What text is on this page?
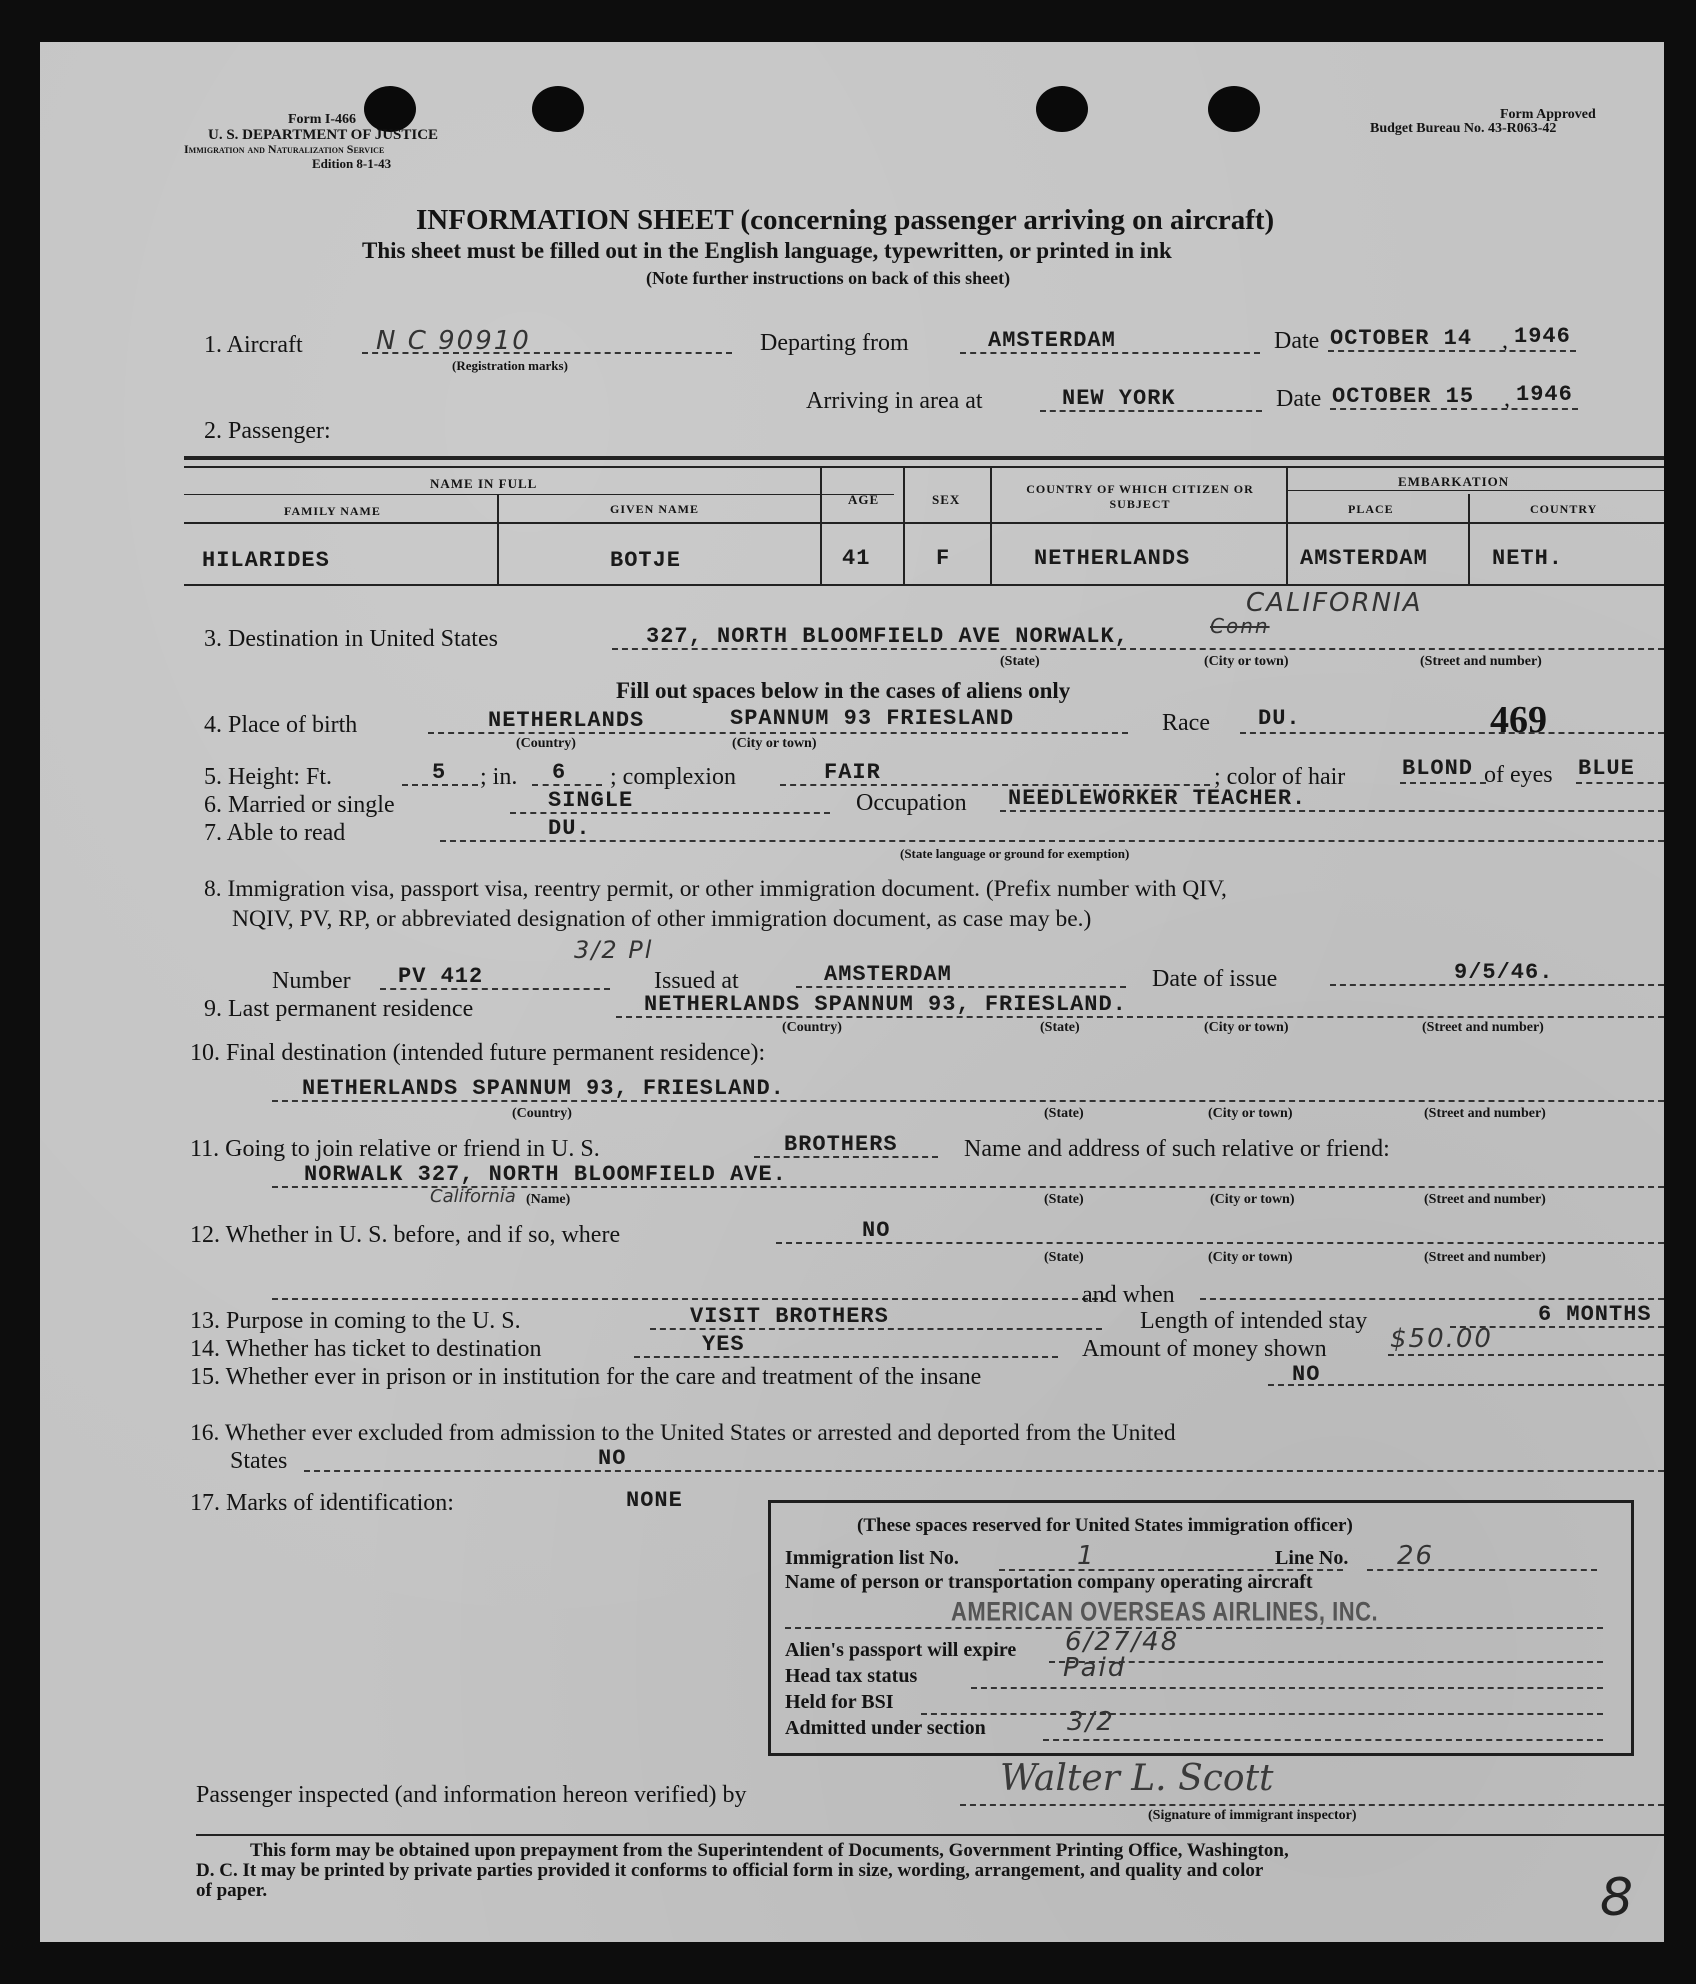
Form I-466
U. S. DEPARTMENT OF JUSTICE
Immigration and Naturalization Service
Edition 8-1-43
Form Approved
Budget Bureau No. 43-R063-42
INFORMATION SHEET (concerning passenger arriving on aircraft)
This sheet must be filled out in the English language, typewritten, or printed in ink
(Note further instructions on back of this sheet)
1. Aircraft	N C 90910
(Registration marks)
Departing from	AMSTERDAM	Date OCTOBER 14 , 1946
Arriving in area at	NEW YORK	Date OCTOBER 15 , 1946
2. Passenger:
NAME IN FULL
FAMILY NAME	GIVEN NAME
AGE	SEX
COUNTRY OF WHICH CITIZEN OR SUBJECT
EMBARKATION
PLACE	COUNTRY
HILARIDES	BOTJE	41	F	NETHERLANDS	AMSTERDAM	NETH.
3. Destination in United States	327, NORTH BLOOMFIELD AVE NORWALK,
CALIFORNIA
Conn
(State)	(City or town)	(Street and number)
Fill out spaces below in the cases of aliens only
4. Place of birth	NETHERLANDS	SPANNUM 93 FRIESLAND
(Country)	(City or town)
Race DU.	469
5. Height: Ft.	5 ; in. 6 ; complexion	FAIR	; color of hair	BLOND of eyes BLUE
6. Married or single	SINGLE	Occupation NEEDLEWORKER TEACHER.
7. Able to read	DU.
(State language or ground for exemption)
8. Immigration visa, passport visa, reentry permit, or other immigration document. (Prefix number with QIV,
NQIV, PV, RP, or abbreviated designation of other immigration document, as case may be.)
3/2 Pl
Number PV 412	Issued at	AMSTERDAM	Date of issue	9/5/46.
9. Last permanent residence	NETHERLANDS SPANNUM 93, FRIESLAND.
(Country)	(State)	(City or town)	(Street and number)
10. Final destination (intended future permanent residence):
NETHERLANDS SPANNUM 93, FRIESLAND.
(Country)	(State)	(City or town)	(Street and number)
11. Going to join relative or friend in U. S.	BROTHERS	Name and address of such relative or friend:
NORWALK 327, NORTH BLOOMFIELD AVE.
California (Name)	(State)	(City or town)	(Street and number)
12. Whether in U. S. before, and if so, where	NO
(State)	(City or town)	(Street and number)
and when
13. Purpose in coming to the U. S.	VISIT BROTHERS	Length of intended stay	6 MONTHS
14. Whether has ticket to destination	YES	Amount of money shown $50.00
15. Whether ever in prison or in institution for the care and treatment of the insane	NO
16. Whether ever excluded from admission to the United States or arrested and deported from the United
States	NO
17. Marks of identification:	NONE
(These spaces reserved for United States immigration officer)
Immigration list No.	1	Line No. 26
Name of person or transportation company operating aircraft
AMERICAN OVERSEAS AIRLINES, INC.
Alien's passport will expire 6/27/48
Head tax status	Paid
Held for BSI
Admitted under section	3/2
Passenger inspected (and information hereon verified) by	Walter L. Scott
(Signature of immigrant inspector)
This form may be obtained upon prepayment from the Superintendent of Documents, Government Printing Office, Washington,
D. C. It may be printed by private parties provided it conforms to official form in size, wording, arrangement, and quality and color
of paper.	8
